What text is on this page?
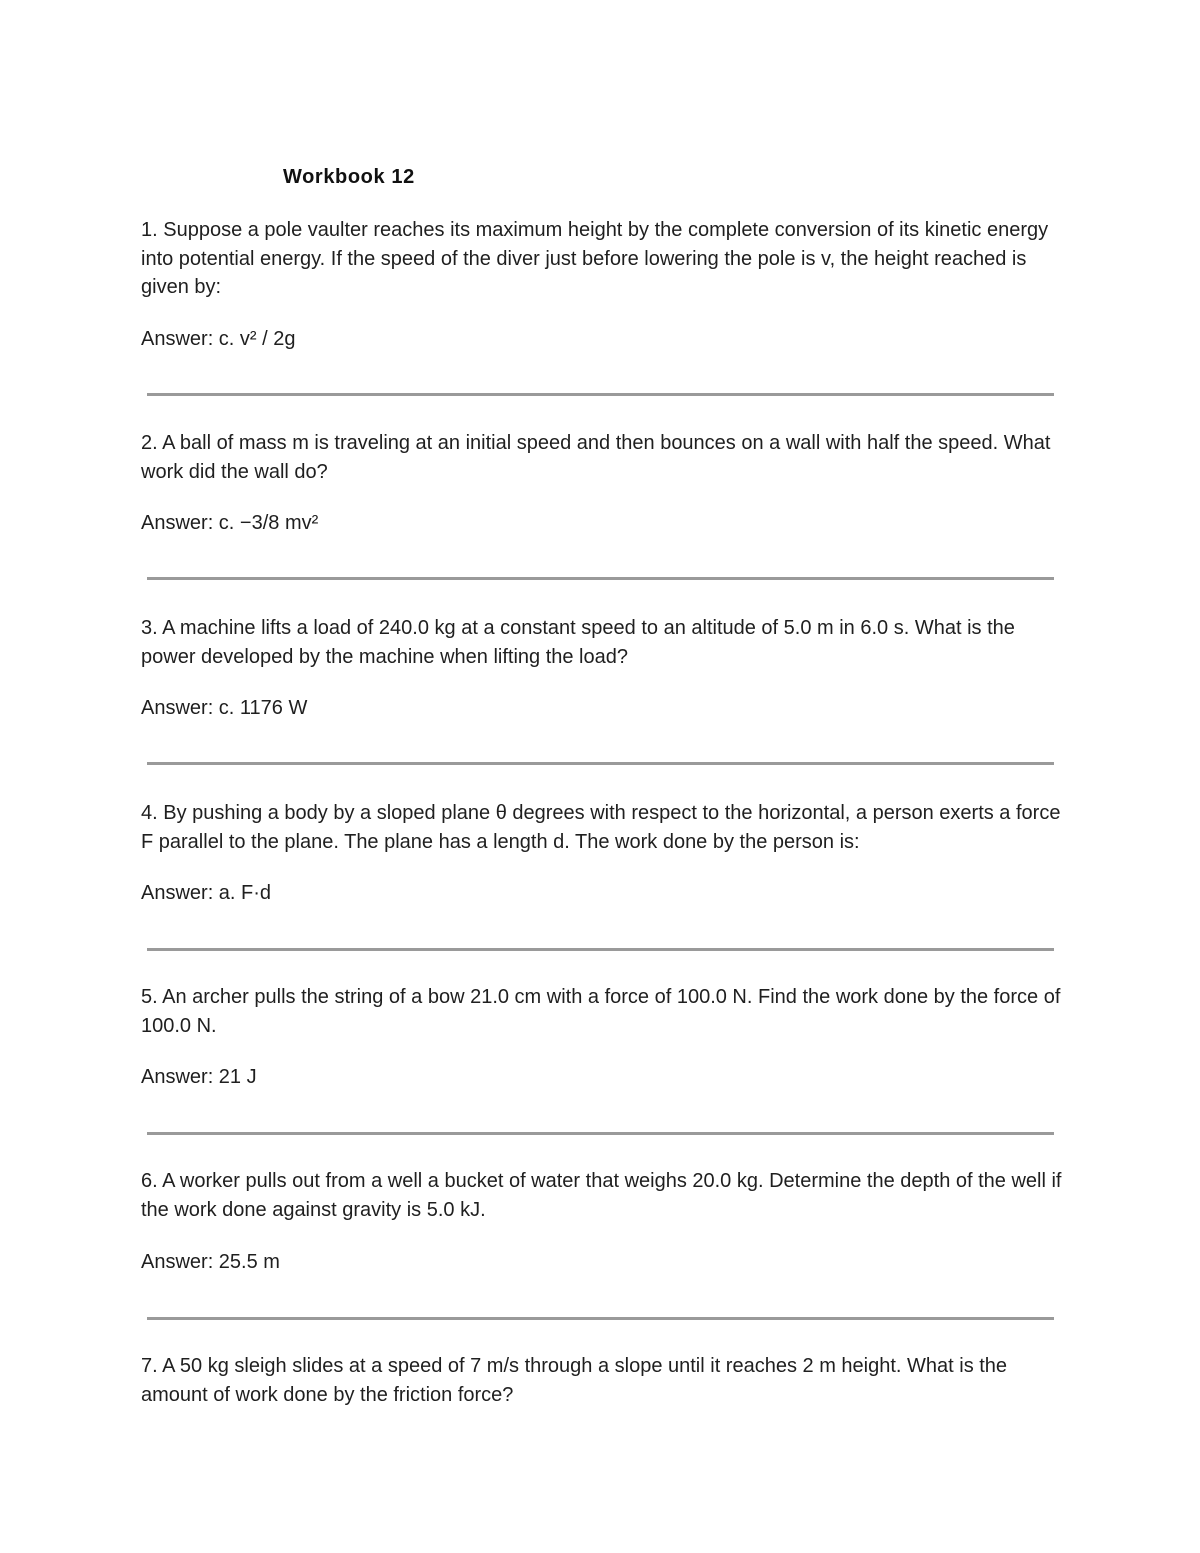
Workbook 12
1. Suppose a pole vaulter reaches its maximum height by the complete conversion of its kinetic energy into potential energy. If the speed of the diver just before lowering the pole is v, the height reached is given by:
Answer: c. v² / 2g
2. A ball of mass m is traveling at an initial speed and then bounces on a wall with half the speed. What work did the wall do?
Answer: c. −3/8 mv²
3. A machine lifts a load of 240.0 kg at a constant speed to an altitude of 5.0 m in 6.0 s. What is the power developed by the machine when lifting the load?
Answer: c. 1176 W
4. By pushing a body by a sloped plane θ degrees with respect to the horizontal, a person exerts a force F parallel to the plane. The plane has a length d. The work done by the person is:
Answer: a. F·d
5. An archer pulls the string of a bow 21.0 cm with a force of 100.0 N. Find the work done by the force of 100.0 N.
Answer: 21 J
6. A worker pulls out from a well a bucket of water that weighs 20.0 kg. Determine the depth of the well if the work done against gravity is 5.0 kJ.
Answer: 25.5 m
7. A 50 kg sleigh slides at a speed of 7 m/s through a slope until it reaches 2 m height. What is the amount of work done by the friction force?
